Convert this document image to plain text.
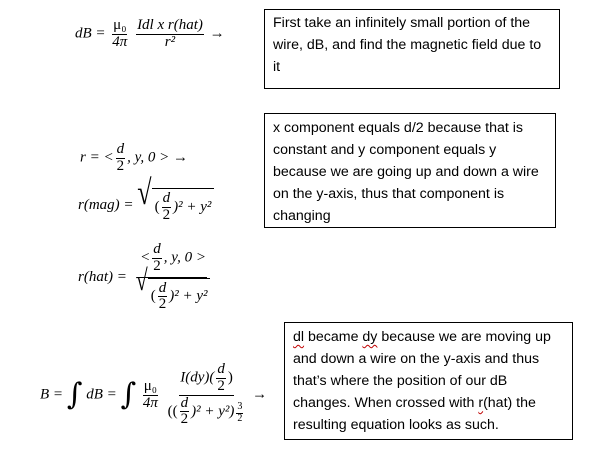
dB = $\frac{\text{μ₀}}{4\pi}$
$\frac{\text{Idl x r(hat)}}{\text{r²}}$ →
First take an infinitely small portion of the wire, dB, and find the magnetic field due to it
r = < $\frac{d}{2}$ , y, 0 > →
x component equals d/2 because that is constant and y component equals y because we are going up and down a wire on the y-axis, thus that component is changing
r(mag) = √ ( $\frac{d}{2} )^2 + y^2$
$r(hat) = \frac{< \frac{d}{2} , y, 0 >}{√ ( \frac{d}{2} )^2 + y^2}$
B = ∫ dB = ∫ $\frac{\text{μ₀}}{4\pi}$
$\frac{I(dy)( \frac{d}{2} )}{(( \frac{d}{2} )^2 + y^2) \frac{3}{2}}$ →
dl became dy because we are moving up and down a wire on the y-axis and thus that’s where the position of our dB changes. When crossed with r(hat) the resulting equation looks as such.
